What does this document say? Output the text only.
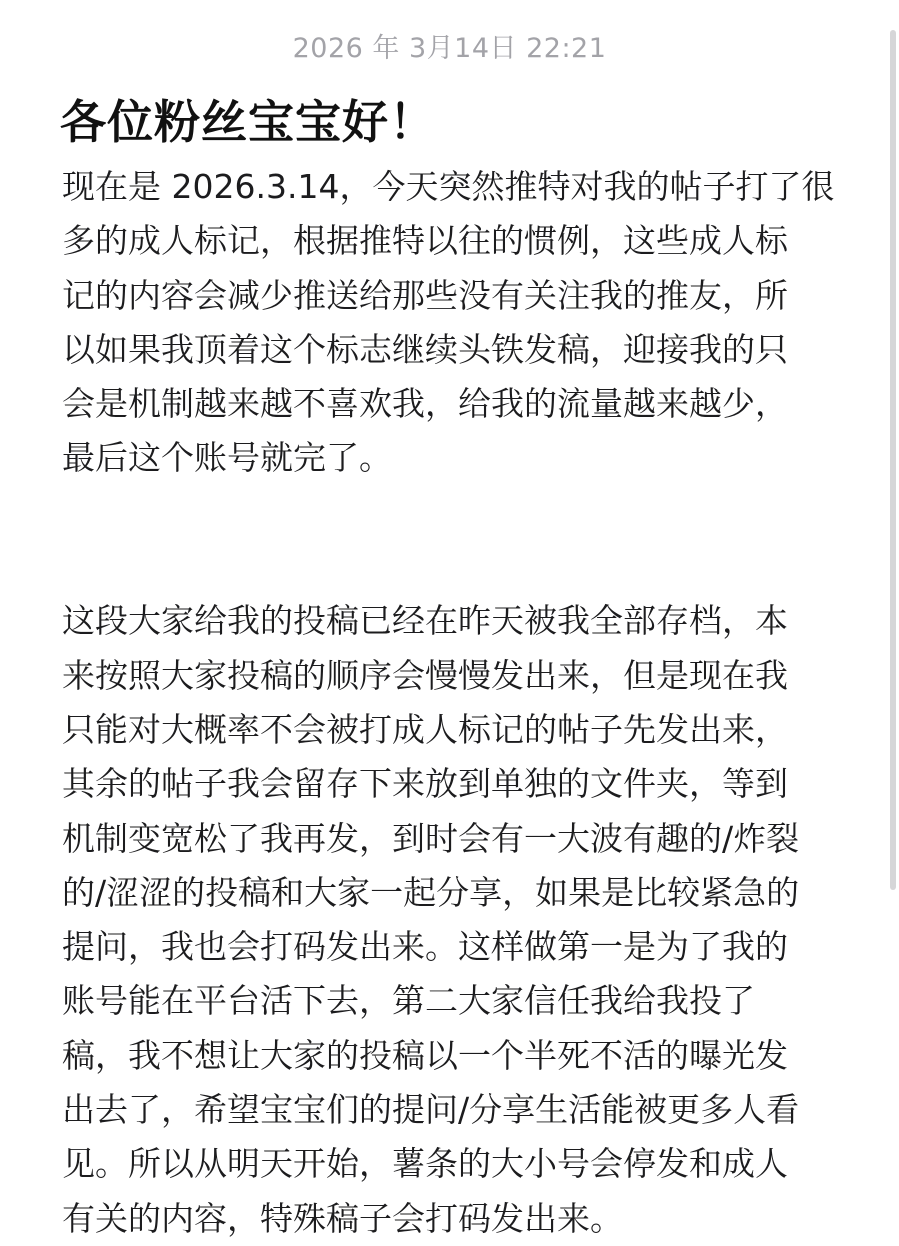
2026 年 3月14日 22:21
各位粉丝宝宝好！
现在是 2026.3.14，今天突然推特对我的帖子打了很
多的成人标记，根据推特以往的惯例，这些成人标
记的内容会减少推送给那些没有关注我的推友，所
以如果我顶着这个标志继续头铁发稿，迎接我的只
会是机制越来越不喜欢我，给我的流量越来越少，
最后这个账号就完了。
这段大家给我的投稿已经在昨天被我全部存档，本
来按照大家投稿的顺序会慢慢发出来，但是现在我
只能对大概率不会被打成人标记的帖子先发出来，
其余的帖子我会留存下来放到单独的文件夹，等到
机制变宽松了我再发，到时会有一大波有趣的/炸裂
的/涩涩的投稿和大家一起分享，如果是比较紧急的
提问，我也会打码发出来。这样做第一是为了我的
账号能在平台活下去，第二大家信任我给我投了
稿，我不想让大家的投稿以一个半死不活的曝光发
出去了，希望宝宝们的提问/分享生活能被更多人看
见。所以从明天开始，薯条的大小号会停发和成人
有关的内容，特殊稿子会打码发出来。
